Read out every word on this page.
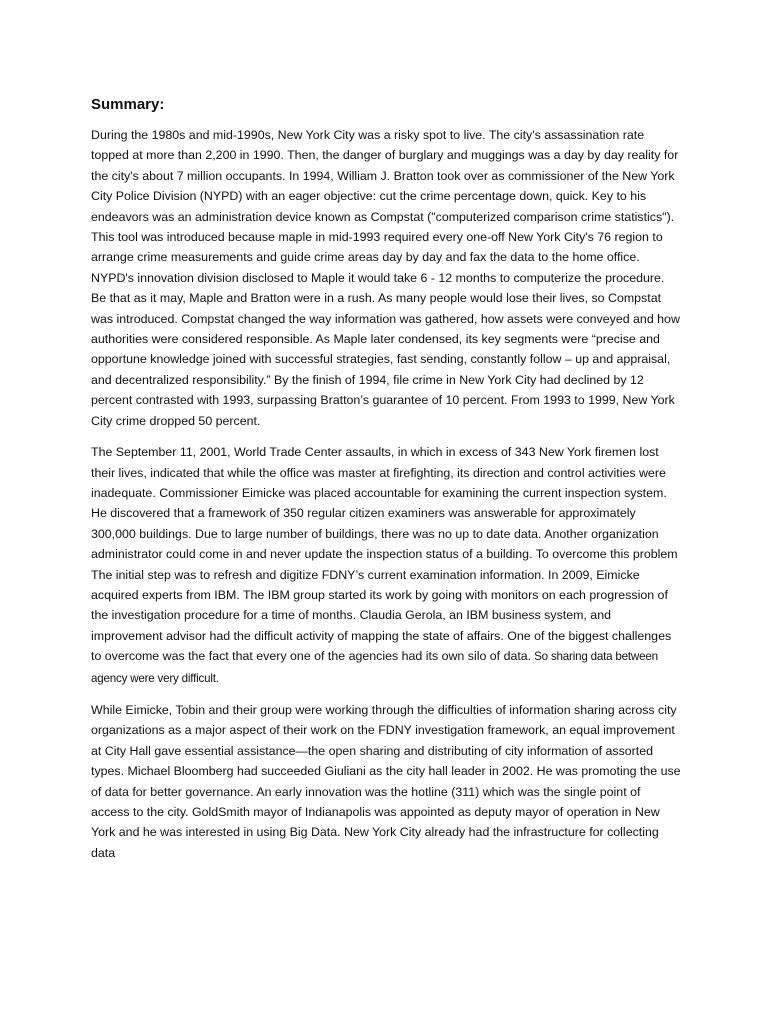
Summary:

During the 1980s and mid-1990s, New York City was a risky spot to live. The city's assassination rate topped at more than 2,200 in 1990. Then, the danger of burglary and muggings was a day by day reality for the city's about 7 million occupants. In 1994, William J. Bratton took over as commissioner of the New York City Police Division (NYPD) with an eager objective: cut the crime percentage down, quick. Key to his endeavors was an administration device known as Compstat ("computerized comparison crime statistics"). This tool was introduced because maple in mid-1993 required every one-off New York City's 76 region to arrange crime measurements and guide crime areas day by day and fax the data to the home office. NYPD's innovation division disclosed to Maple it would take 6 - 12 months to computerize the procedure. Be that as it may, Maple and Bratton were in a rush. As many people would lose their lives, so Compstat was introduced. Compstat changed the way information was gathered, how assets were conveyed and how authorities were considered responsible. As Maple later condensed, its key segments were “precise and opportune knowledge joined with successful strategies, fast sending, constantly follow – up and appraisal, and decentralized responsibility.” By the finish of 1994, file crime in New York City had declined by 12 percent contrasted with 1993, surpassing Bratton’s guarantee of 10 percent. From 1993 to 1999, New York City crime dropped 50 percent.

The September 11, 2001, World Trade Center assaults, in which in excess of 343 New York firemen lost their lives, indicated that while the office was master at firefighting, its direction and control activities were inadequate. Commissioner Eimicke was placed accountable for examining the current inspection system. He discovered that a framework of 350 regular citizen examiners was answerable for approximately 300,000 buildings. Due to large number of buildings, there was no up to date data. Another organization administrator could come in and never update the inspection status of a building. To overcome this problem The initial step was to refresh and digitize FDNY’s current examination information. In 2009, Eimicke acquired experts from IBM. The IBM group started its work by going with monitors on each progression of the investigation procedure for a time of months. Claudia Gerola, an IBM business system, and improvement advisor had the difficult activity of mapping the state of affairs. One of the biggest challenges to overcome was the fact that every one of the agencies had its own silo of data. So sharing data between agency were very difficult.

While Eimicke, Tobin and their group were working through the difficulties of information sharing across city organizations as a major aspect of their work on the FDNY investigation framework, an equal improvement at City Hall gave essential assistance—the open sharing and distributing of city information of assorted types. Michael Bloomberg had succeeded Giuliani as the city hall leader in 2002. He was promoting the use of data for better governance. An early innovation was the hotline (311) which was the single point of access to the city. GoldSmith mayor of Indianapolis was appointed as deputy mayor of operation in New York and he was interested in using Big Data. New York City already had the infrastructure for collecting data
